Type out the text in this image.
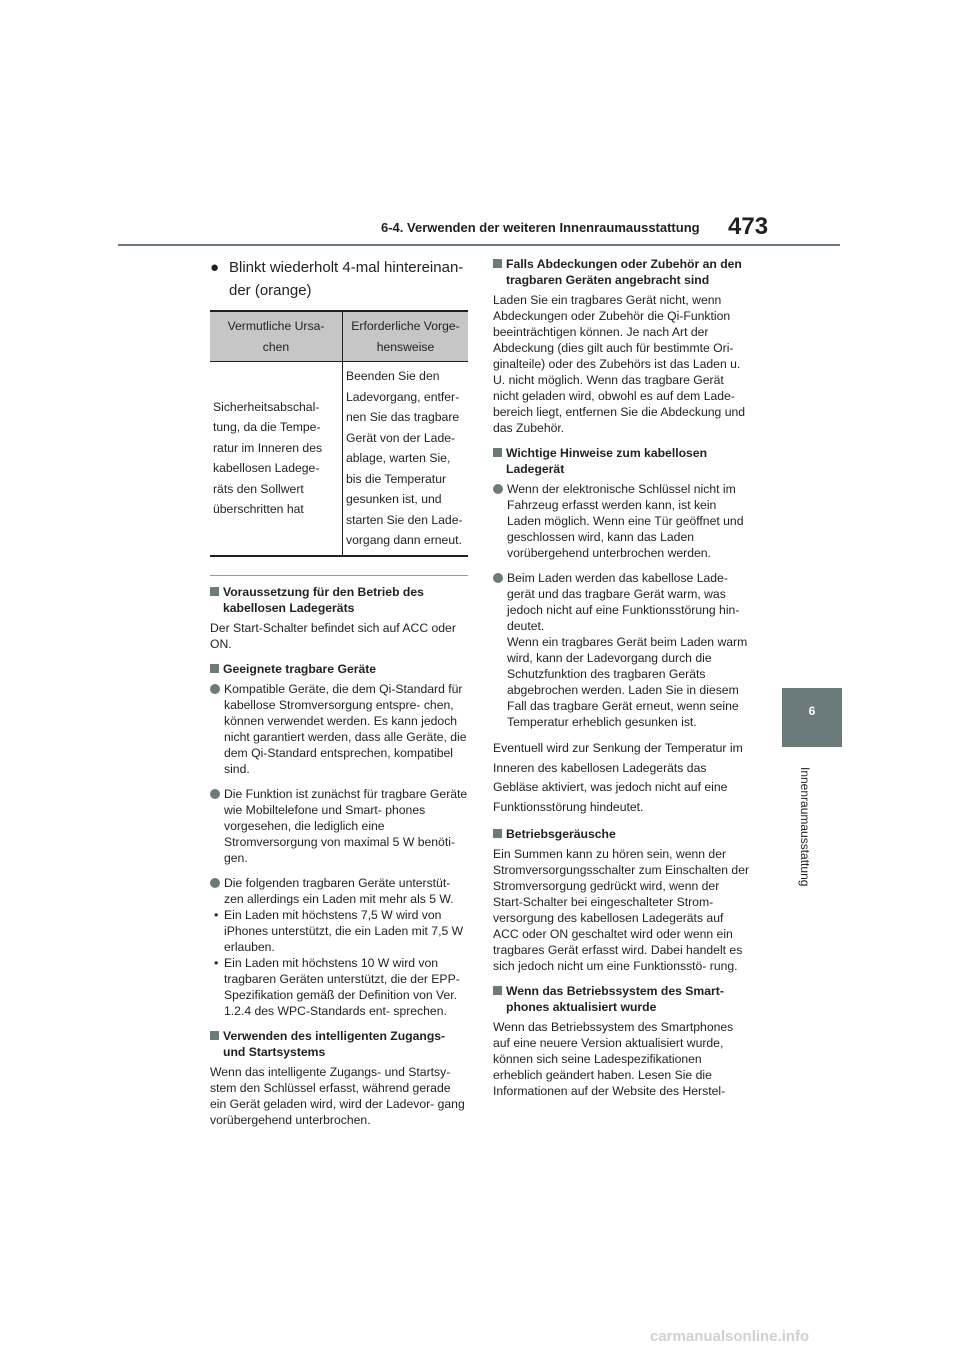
6-4. Verwenden der weiteren Innenraumausstattung 473
6
Innenraumausstattung
● Blinkt wiederholt 4-mal hintereinan- der (orange)
Vermutliche Ursa- chen	Erforderliche Vorge- hensweise
Sicherheitsabschal- tung, da die Tempe- ratur im Inneren des kabellosen Ladege- räts den Sollwert überschritten hat	Beenden Sie den Ladevorgang, entfer- nen Sie das tragbare Gerät von der Lade- ablage, warten Sie, bis die Temperatur gesunken ist, und starten Sie den Lade- vorgang dann erneut.
Voraussetzung für den Betrieb des kabellosen Ladegeräts
Der Start-Schalter befindet sich auf ACC oder ON.
Geeignete tragbare Geräte
Kompatible Geräte, die dem Qi-Standard für kabellose Stromversorgung entspre- chen, können verwendet werden. Es kann jedoch nicht garantiert werden, dass alle Geräte, die dem Qi-Standard entsprechen, kompatibel sind.
Die Funktion ist zunächst für tragbare Geräte wie Mobiltelefone und Smart- phones vorgesehen, die lediglich eine Stromversorgung von maximal 5 W benöti- gen.
Die folgenden tragbaren Geräte unterstüt- zen allerdings ein Laden mit mehr als 5 W.
• Ein Laden mit höchstens 7,5 W wird von iPhones unterstützt, die ein Laden mit 7,5 W erlauben.
• Ein Laden mit höchstens 10 W wird von tragbaren Geräten unterstützt, die der EPP-Spezifikation gemäß der Definition von Ver. 1.2.4 des WPC-Standards ent- sprechen.
Verwenden des intelligenten Zugangs- und Startsystems
Wenn das intelligente Zugangs- und Startsy- stem den Schlüssel erfasst, während gerade ein Gerät geladen wird, wird der Ladevor- gang vorübergehend unterbrochen.
Falls Abdeckungen oder Zubehör an den tragbaren Geräten angebracht sind
Laden Sie ein tragbares Gerät nicht, wenn Abdeckungen oder Zubehör die Qi-Funktion beeinträchtigen können. Je nach Art der Abdeckung (dies gilt auch für bestimmte Ori- ginalteile) oder des Zubehörs ist das Laden u. U. nicht möglich. Wenn das tragbare Gerät nicht geladen wird, obwohl es auf dem Lade- bereich liegt, entfernen Sie die Abdeckung und das Zubehör.
Wichtige Hinweise zum kabellosen Ladegerät
Wenn der elektronische Schlüssel nicht im Fahrzeug erfasst werden kann, ist kein Laden möglich. Wenn eine Tür geöffnet und geschlossen wird, kann das Laden vorübergehend unterbrochen werden.
Beim Laden werden das kabellose Lade- gerät und das tragbare Gerät warm, was jedoch nicht auf eine Funktionsstörung hin- deutet.
Wenn ein tragbares Gerät beim Laden warm wird, kann der Ladevorgang durch die Schutzfunktion des tragbaren Geräts abgebrochen werden. Laden Sie in diesem Fall das tragbare Gerät erneut, wenn seine Temperatur erheblich gesunken ist.
Eventuell wird zur Senkung der Temperatur im Inneren des kabellosen Ladegeräts das Gebläse aktiviert, was jedoch nicht auf eine Funktionsstörung hindeutet.
Betriebsgeräusche
Ein Summen kann zu hören sein, wenn der Stromversorgungsschalter zum Einschalten der Stromversorgung gedrückt wird, wenn der Start-Schalter bei eingeschalteter Strom- versorgung des kabellosen Ladegeräts auf ACC oder ON geschaltet wird oder wenn ein tragbares Gerät erfasst wird. Dabei handelt es sich jedoch nicht um eine Funktionsstö- rung.
Wenn das Betriebssystem des Smart- phones aktualisiert wurde
Wenn das Betriebssystem des Smartphones auf eine neuere Version aktualisiert wurde, können sich seine Ladespezifikationen erheblich geändert haben. Lesen Sie die Informationen auf der Website des Herstel-
carmanualsonline.info
